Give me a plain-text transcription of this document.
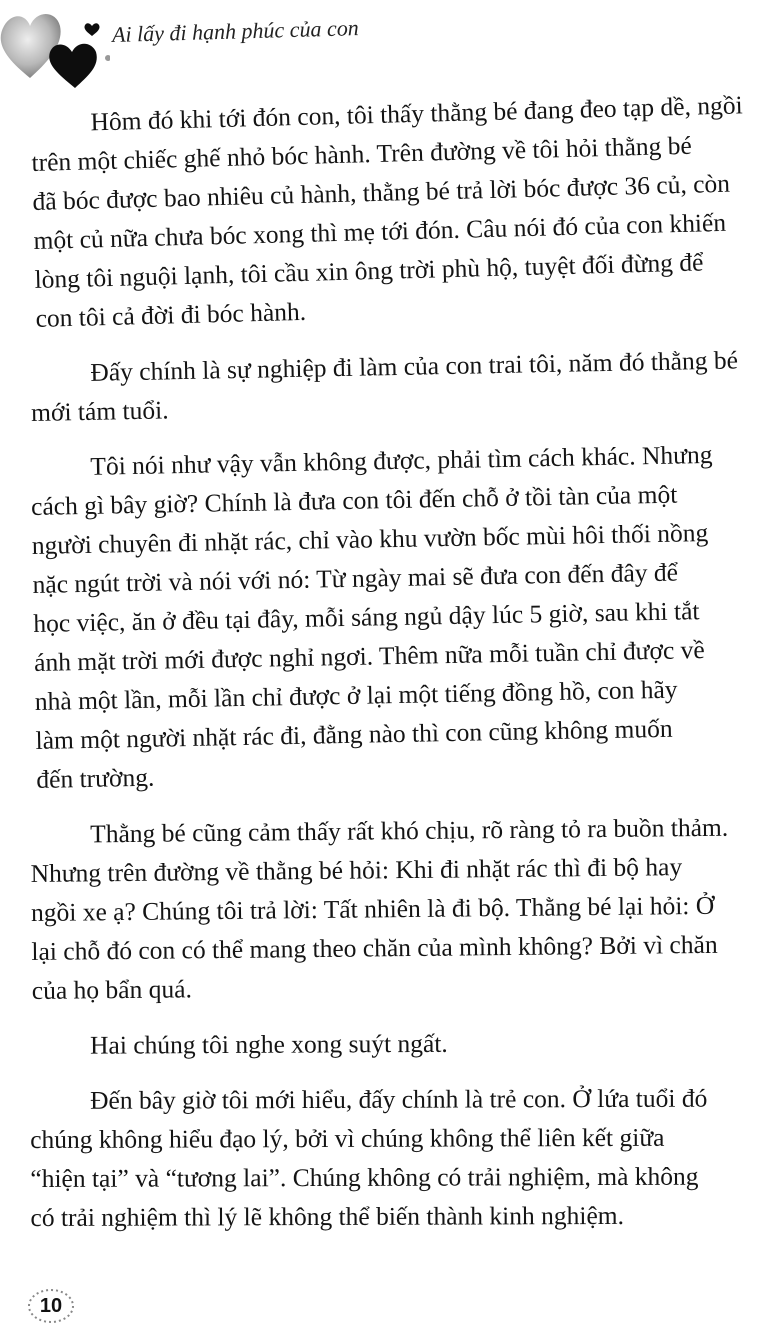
Ai lấy đi hạnh phúc của con

Hôm đó khi tới đón con, tôi thấy thằng bé đang đeo tạp dề, ngồi
trên một chiếc ghế nhỏ bóc hành. Trên đường về tôi hỏi thằng bé
đã bóc được bao nhiêu củ hành, thằng bé trả lời bóc được 36 củ, còn
một củ nữa chưa bóc xong thì mẹ tới đón. Câu nói đó của con khiến
lòng tôi nguội lạnh, tôi cầu xin ông trời phù hộ, tuyệt đối đừng để
con tôi cả đời đi bóc hành.

Đấy chính là sự nghiệp đi làm của con trai tôi, năm đó thằng bé
mới tám tuổi.

Tôi nói như vậy vẫn không được, phải tìm cách khác. Nhưng
cách gì bây giờ? Chính là đưa con tôi đến chỗ ở tồi tàn của một
người chuyên đi nhặt rác, chỉ vào khu vườn bốc mùi hôi thối nồng
nặc ngút trời và nói với nó: Từ ngày mai sẽ đưa con đến đây để
học việc, ăn ở đều tại đây, mỗi sáng ngủ dậy lúc 5 giờ, sau khi tắt
ánh mặt trời mới được nghỉ ngơi. Thêm nữa mỗi tuần chỉ được về
nhà một lần, mỗi lần chỉ được ở lại một tiếng đồng hồ, con hãy
làm một người nhặt rác đi, đằng nào thì con cũng không muốn
đến trường.

Thằng bé cũng cảm thấy rất khó chịu, rõ ràng tỏ ra buồn thảm.
Nhưng trên đường về thằng bé hỏi: Khi đi nhặt rác thì đi bộ hay
ngồi xe ạ? Chúng tôi trả lời: Tất nhiên là đi bộ. Thằng bé lại hỏi: Ở
lại chỗ đó con có thể mang theo chăn của mình không? Bởi vì chăn
của họ bẩn quá.

Hai chúng tôi nghe xong suýt ngất.

Đến bây giờ tôi mới hiểu, đấy chính là trẻ con. Ở lứa tuổi đó
chúng không hiểu đạo lý, bởi vì chúng không thể liên kết giữa
“hiện tại” và “tương lai”. Chúng không có trải nghiệm, mà không
có trải nghiệm thì lý lẽ không thể biến thành kinh nghiệm.

10
